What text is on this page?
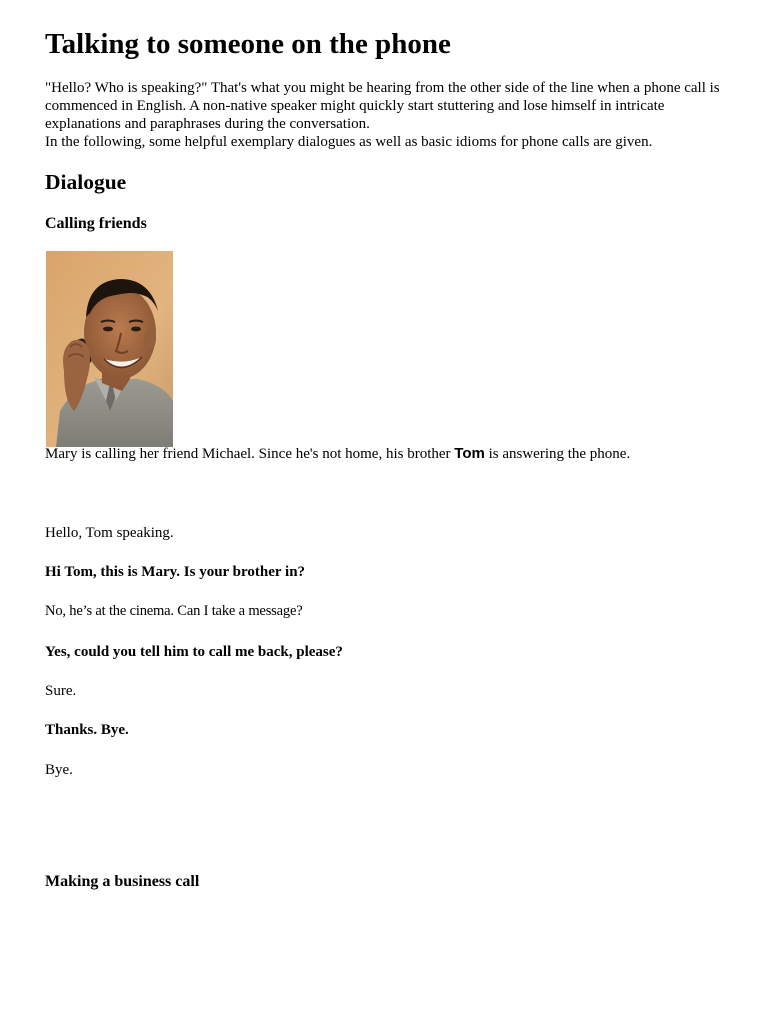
Talking to someone on the phone

"Hello? Who is speaking?" That's what you might be hearing from the other side of the line when a phone call is commenced in English. A non-native speaker might quickly start stuttering and lose himself in intricate explanations and paraphrases during the conversation.

In the following, some helpful exemplary dialogues as well as basic idioms for phone calls are given.

Dialogue
Calling friends

Mary is calling her friend Michael. Since he's not home, his brother Tom is answering the phone.

Hello, Tom speaking.

Hi Tom, this is Mary. Is your brother in?

No, he’s at the cinema. Can I take a message?

Yes, could you tell him to call me back, please?

Sure.

Thanks. Bye.

Bye.

Making a business call
